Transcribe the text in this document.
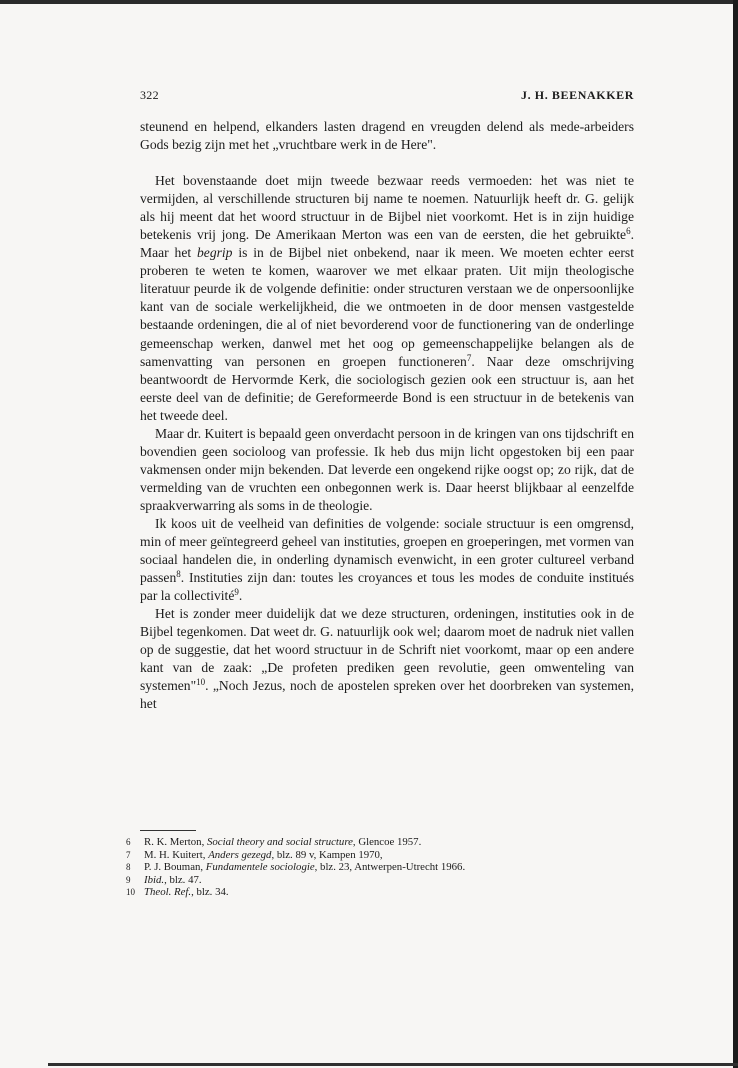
322	J. H. BEENAKKER

steunend en helpend, elkanders lasten dragend en vreugden delend als mede-arbeiders Gods bezig zijn met het „vruchtbare werk in de Here".

Het bovenstaande doet mijn tweede bezwaar reeds vermoeden: het was niet te vermijden, al verschillende structuren bij name te noemen. Natuurlijk heeft dr. G. gelijk als hij meent dat het woord structuur in de Bijbel niet voorkomt. Het is in zijn huidige betekenis vrij jong. De Amerikaan Merton was een van de eersten, die het gebruikte$^6$. Maar het begrip is in de Bijbel niet onbekend, naar ik meen. We moeten echter eerst proberen te weten te komen, waarover we met elkaar praten. Uit mijn theologische literatuur peurde ik de volgende definitie: onder structuren verstaan we de onpersoonlijke kant van de sociale werkelijkheid, die we ontmoeten in de door mensen vastgestelde bestaande ordeningen, die al of niet bevorderend voor de functionering van de onderlinge gemeenschap werken, danwel met het oog op gemeenschappelijke belangen als de samenvatting van personen en groepen functioneren$^7$. Naar deze omschrijving beantwoordt de Hervormde Kerk, die sociologisch gezien ook een structuur is, aan het eerste deel van de definitie; de Gereformeerde Bond is een structuur in de betekenis van het tweede deel.

Maar dr. Kuitert is bepaald geen onverdacht persoon in de kringen van ons tijdschrift en bovendien geen socioloog van professie. Ik heb dus mijn licht opgestoken bij een paar vakmensen onder mijn bekenden. Dat leverde een ongekend rijke oogst op; zo rijk, dat de vermelding van de vruchten een onbegonnen werk is. Daar heerst blijkbaar al eenzelfde spraakverwarring als soms in de theologie.

Ik koos uit de veelheid van definities de volgende: sociale structuur is een omgrensd, min of meer geïntegreerd geheel van instituties, groepen en groeperingen, met vormen van sociaal handelen die, in onderling dynamisch evenwicht, in een groter cultureel verband passen$^8$. Instituties zijn dan: toutes les croyances et tous les modes de conduite institués par la collectivité$^9$.

Het is zonder meer duidelijk dat we deze structuren, ordeningen, instituties ook in de Bijbel tegenkomen. Dat weet dr. G. natuurlijk ook wel; daarom moet de nadruk niet vallen op de suggestie, dat het woord structuur in de Schrift niet voorkomt, maar op een andere kant van de zaak: „De profeten prediken geen revolutie, geen omwenteling van systemen"$^{10}$. „Noch Jezus, noch de apostelen spreken over het doorbreken van systemen, het

6	R. K. Merton, Social theory and social structure, Glencoe 1957.
7	M. H. Kuitert, Anders gezegd, blz. 89 v, Kampen 1970,
8	P. J. Bouman, Fundamentele sociologie, blz. 23, Antwerpen-Utrecht 1966.
9	Ibid., blz. 47.
10 Theol. Ref., blz. 34.
